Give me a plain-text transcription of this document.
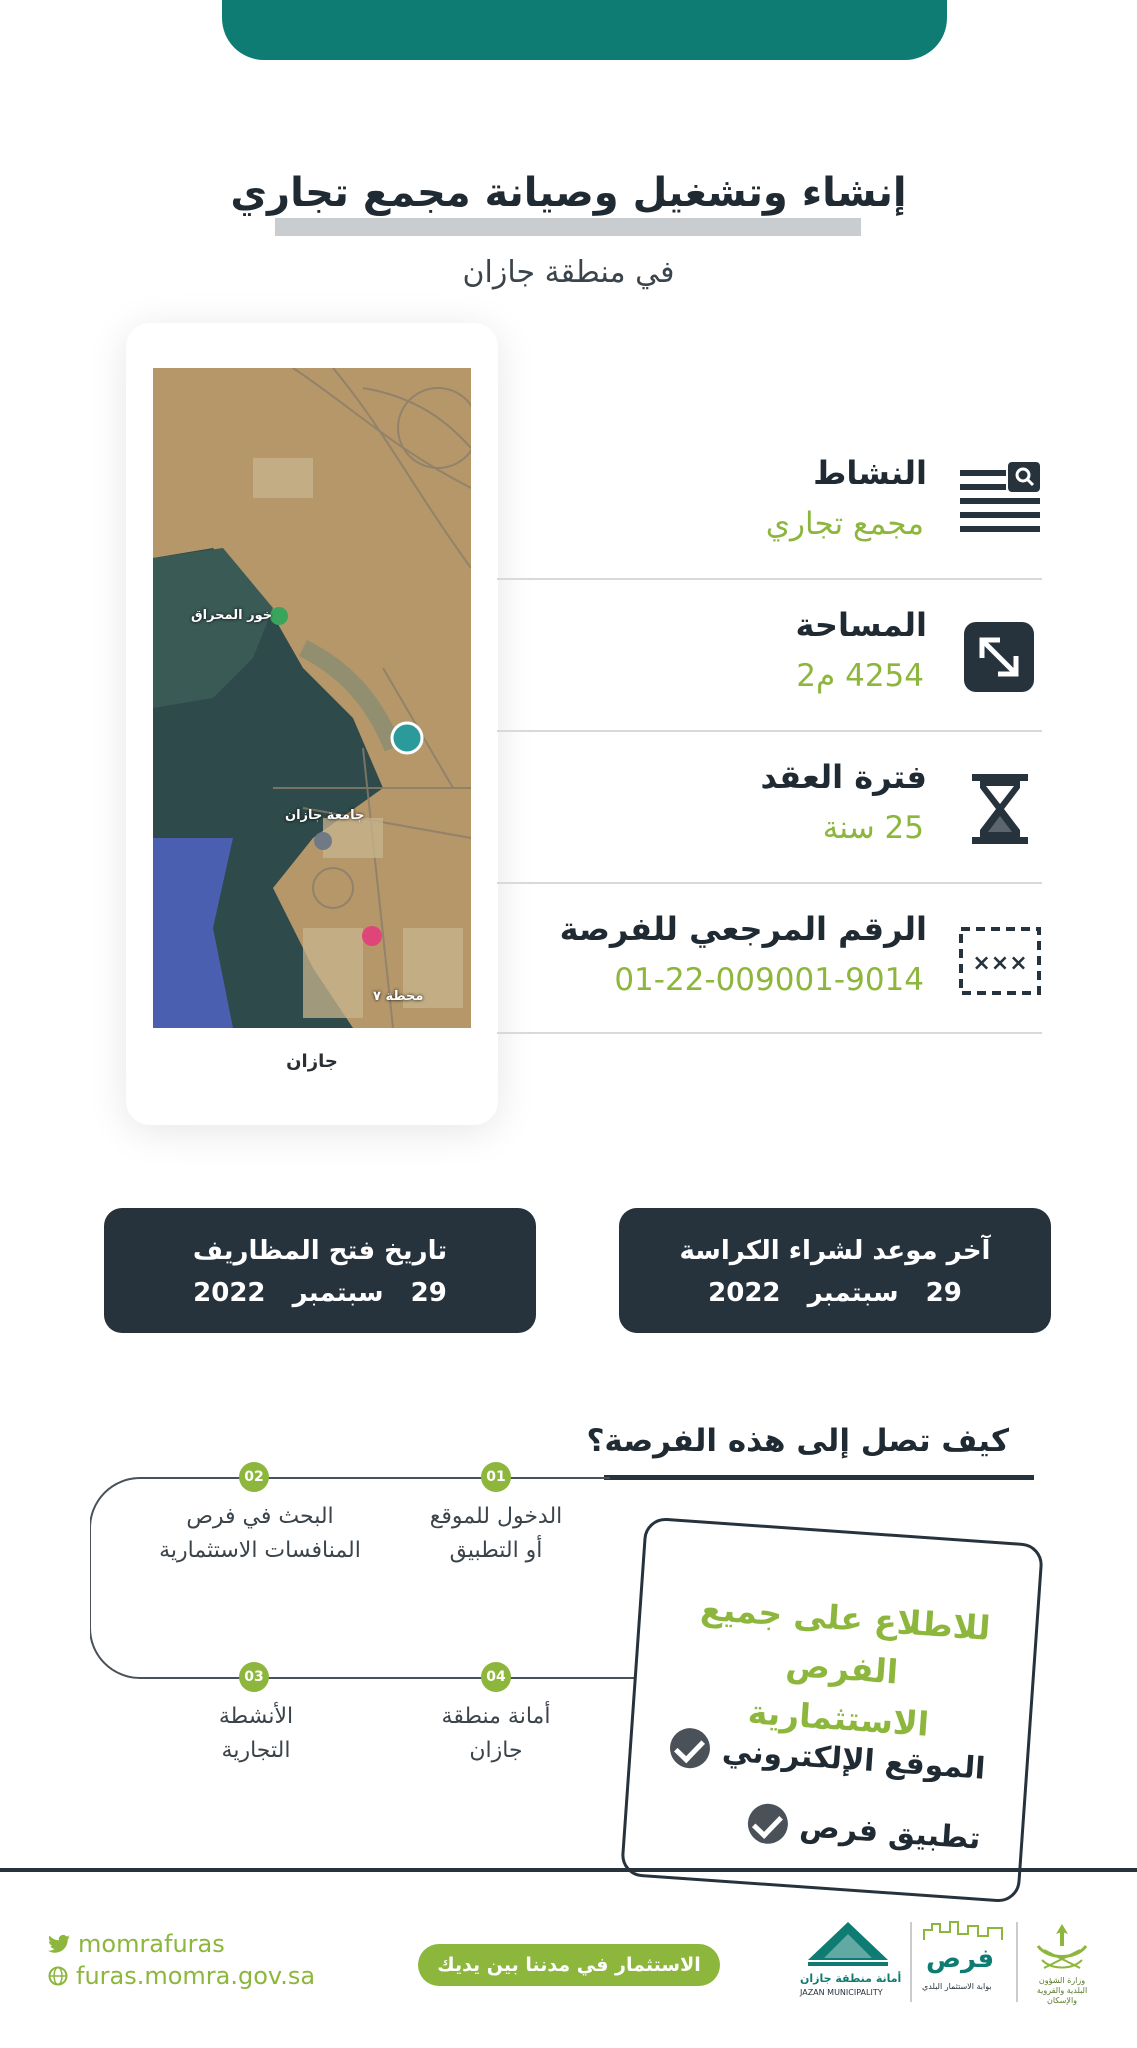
إنشاء وتشغيل وصيانة مجمع تجاري
في منطقة جازان
خور المحراق
جامعة جازان
محطة ٧
جازان
النشاط
مجمع تجاري
المساحة
4254 م2
فترة العقد
25 سنة
الرقم المرجعي للفرصة
01-22-009001-9014 ×××
آخر موعد لشراء الكراسة
29 سبتمبر 2022
تاريخ فتح المظاريف
29 سبتمبر 2022
كيف تصل إلى هذه الفرصة؟
01
الدخول للموقع
أو التطبيق
02
البحث في فرص
المنافسات الاستثمارية
03
الأنشطة
التجارية
04
أمانة منطقة
جازان
للاطلاع على جميع
الفرص الاستثمارية
الموقع الإلكتروني
تطبيق فرص
momrafuras
furas.momra.gov.sa	الاستثمار في مدننا بين يديك
أمانة منطقة جازان
JAZAN MUNICIPALITY
فرص
بوابة الاستثمار البلدي
وزارة الشؤون البلدية والقروية والإسكان
